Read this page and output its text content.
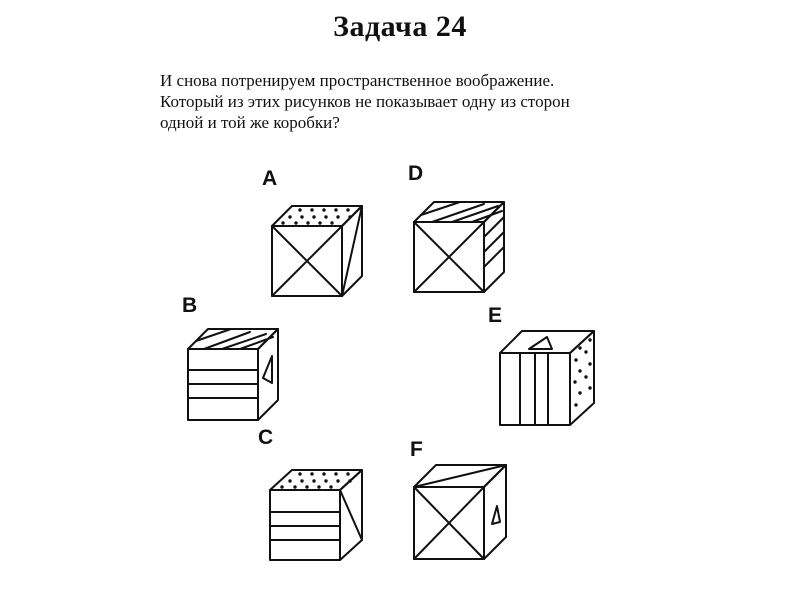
Задача 24
И снова потренируем пространственное воображение.
Который из этих рисунков не показывает одну из сторон
одной и той же коробки?
A	D
B	E
C
F
